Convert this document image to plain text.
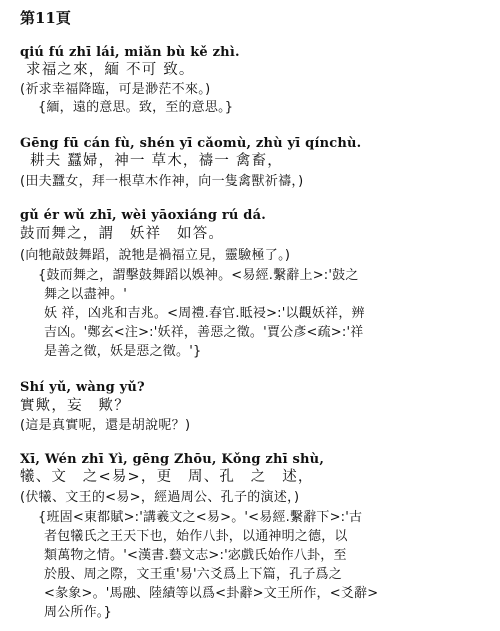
第11頁
qiú fú zhī lái, miǎn bù kě zhì.
求福之來，緬 不可 致。
(祈求幸福降臨，可是渺茫不來。)
{緬，遠的意思。致，至的意思。}
Gēng fū cán fù, shén yī cǎomù, zhù yī qínchù.
耕夫 蠶婦，神一 草木，禱一 禽畜，
(田夫蠶女，拜一根草木作神，向一隻禽獸祈禱，)
gǔ ér wǔ zhī, wèi yāoxiáng rú dá.
鼓而舞之，謂　妖祥　如答。
(向牠敲鼓舞蹈，說牠是禍福立見，靈驗極了。)
{鼓而舞之，謂擊鼓舞蹈以娛神。<易經.繫辭上>:'鼓之
舞之以盡神。'
妖 祥，凶兆和吉兆。<周禮.春官.眡祲>:'以觀妖祥，辨
吉凶。'鄭玄<注>:'妖祥，善惡之徵。'賈公彥<疏>:'祥
是善之徵，妖是惡之徵。'}
Shí yǔ, wàng yǔ?
實歟，妄　歟？
(這是真實呢，還是胡說呢？)
Xī, Wén zhī Yì, gēng Zhōu, Kǒng zhī shù,
犧、文　之<易>，更　周、孔　之　述，
(伏犧、文王的<易>，經過周公、孔子的演述，)
{班固<東都賦>:'講羲文之<易>。'<易經.繫辭下>:'古
者包犧氏之王天下也，始作八卦，以通神明之德，以
類萬物之情。'<漢書.藝文志>:'宓戲氏始作八卦，至
於殷、周之際，文王重'易'六爻爲上下篇，孔子爲之
<彖象>。'馬融、陸績等以爲<卦辭>文王所作，<爻辭>
周公所作。}
